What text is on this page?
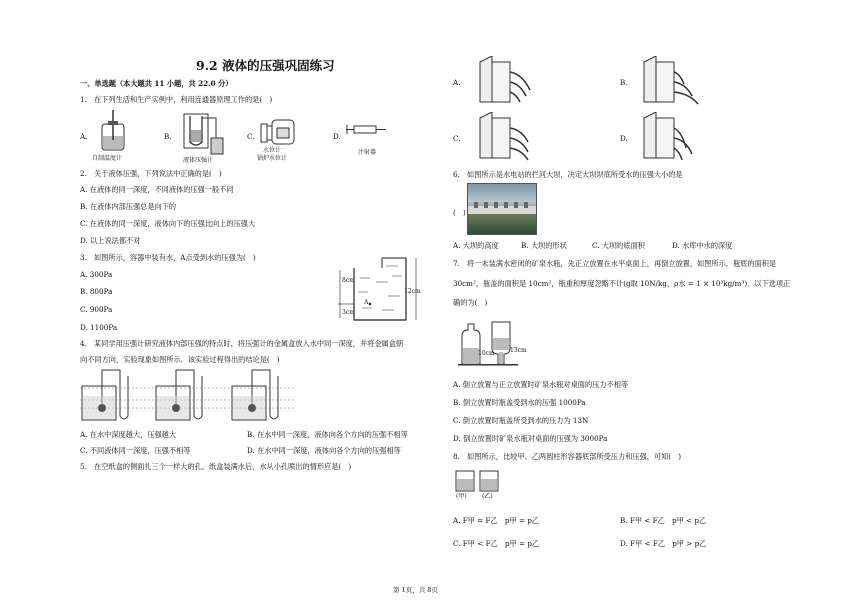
9.2 液体的压强巩固练习
一、单选题（本大题共 11 小题，共 22.0 分）
1.　在下列生活和生产实例中，利用连通器原理工作的是(　)
A.	B.	C.	D.
自制温度计	液体压强计
水位计
锅炉水位计
注射器
2.　关于液体压强，下列说法中正确的是(　)
A. 在液体的同一深度，不同液体的压强一般不同
B. 在液体内部压强总是向下的
C. 在液体的同一深度，液体向下的压强比向上的压强大
D. 以上说法都不对
3.　如图所示，容器中装有水，A点受到水的压强为(　)
A. 300Pa
B. 800Pa
C. 900Pa
D. 1100Pa
8cm
3cm
12cm
A
4.　某同学用压强计研究液体内部压强的特点时，将压强计的金属盒放入水中同一深度，并将金属盒朝
向不同方向，实验现象如图所示．该实验过程得出的结论是(　)
A. 在水中深度越大，压强越大	B. 在水中同一深度，液体向各个方向的压强不相等
C. 不同液体同一深度，压强不相等	D. 在水中同一深度，液体向各个方向的压强相等
5.　在空纸盒的侧面扎三个一样大的孔，纸盒装满水后，水从小孔喷出的情形应是(　)
A.	B.
C.	D.
6.　如图所示是水电站的拦河大坝，决定大坝坝底所受水的压强大小的是
(　)
A. 大坝的高度	B. 大坝的形状	C. 大坝的底面积	D. 水库中水的深度
7.　将一未装满水密闭的矿泉水瓶，先正立放置在水平桌面上，再倒立放置，如图所示，瓶底的面积是
30cm²，瓶盖的面积是 10cm²，瓶重和厚度忽略不计(g取 10N/kg，ρ水 = 1 × 10³kg/m³)．以下选项正
确的为(　)
10cm	13cm
A. 倒立放置与正立放置时矿泉水瓶对桌面的压力不相等
B. 倒立放置时瓶盖受到水的压强 1000Pa
C. 倒立放置时瓶盖所受到水的压力为 13N
D. 倒立放置时矿泉水瓶对桌面的压强为 3000Pa
8.　如图所示，比较甲、乙两圆柱形容器底部所受压力和压强，可知(　)
(甲)	(乙)
A. F甲 = F乙　p甲 = p乙	B. F甲 < F乙　p甲 < p乙
C. F甲 < F乙　p甲 = p乙	D. F甲 < F乙　p甲 > p乙
第 1页，共 8页
